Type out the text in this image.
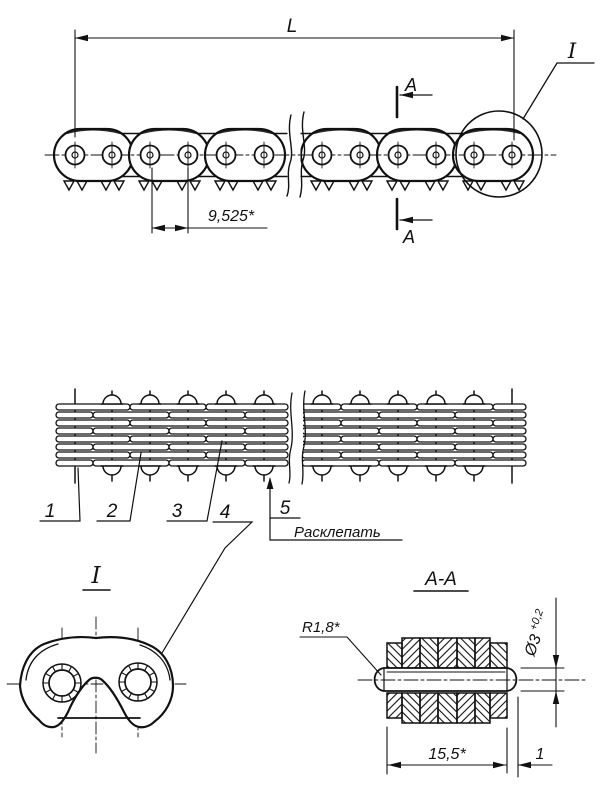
L
9,525*
A
A
I
1	2	3 4	5
Расклепать
I	A-A
R1,8*
Ø3
+0,2
15,5*	1
